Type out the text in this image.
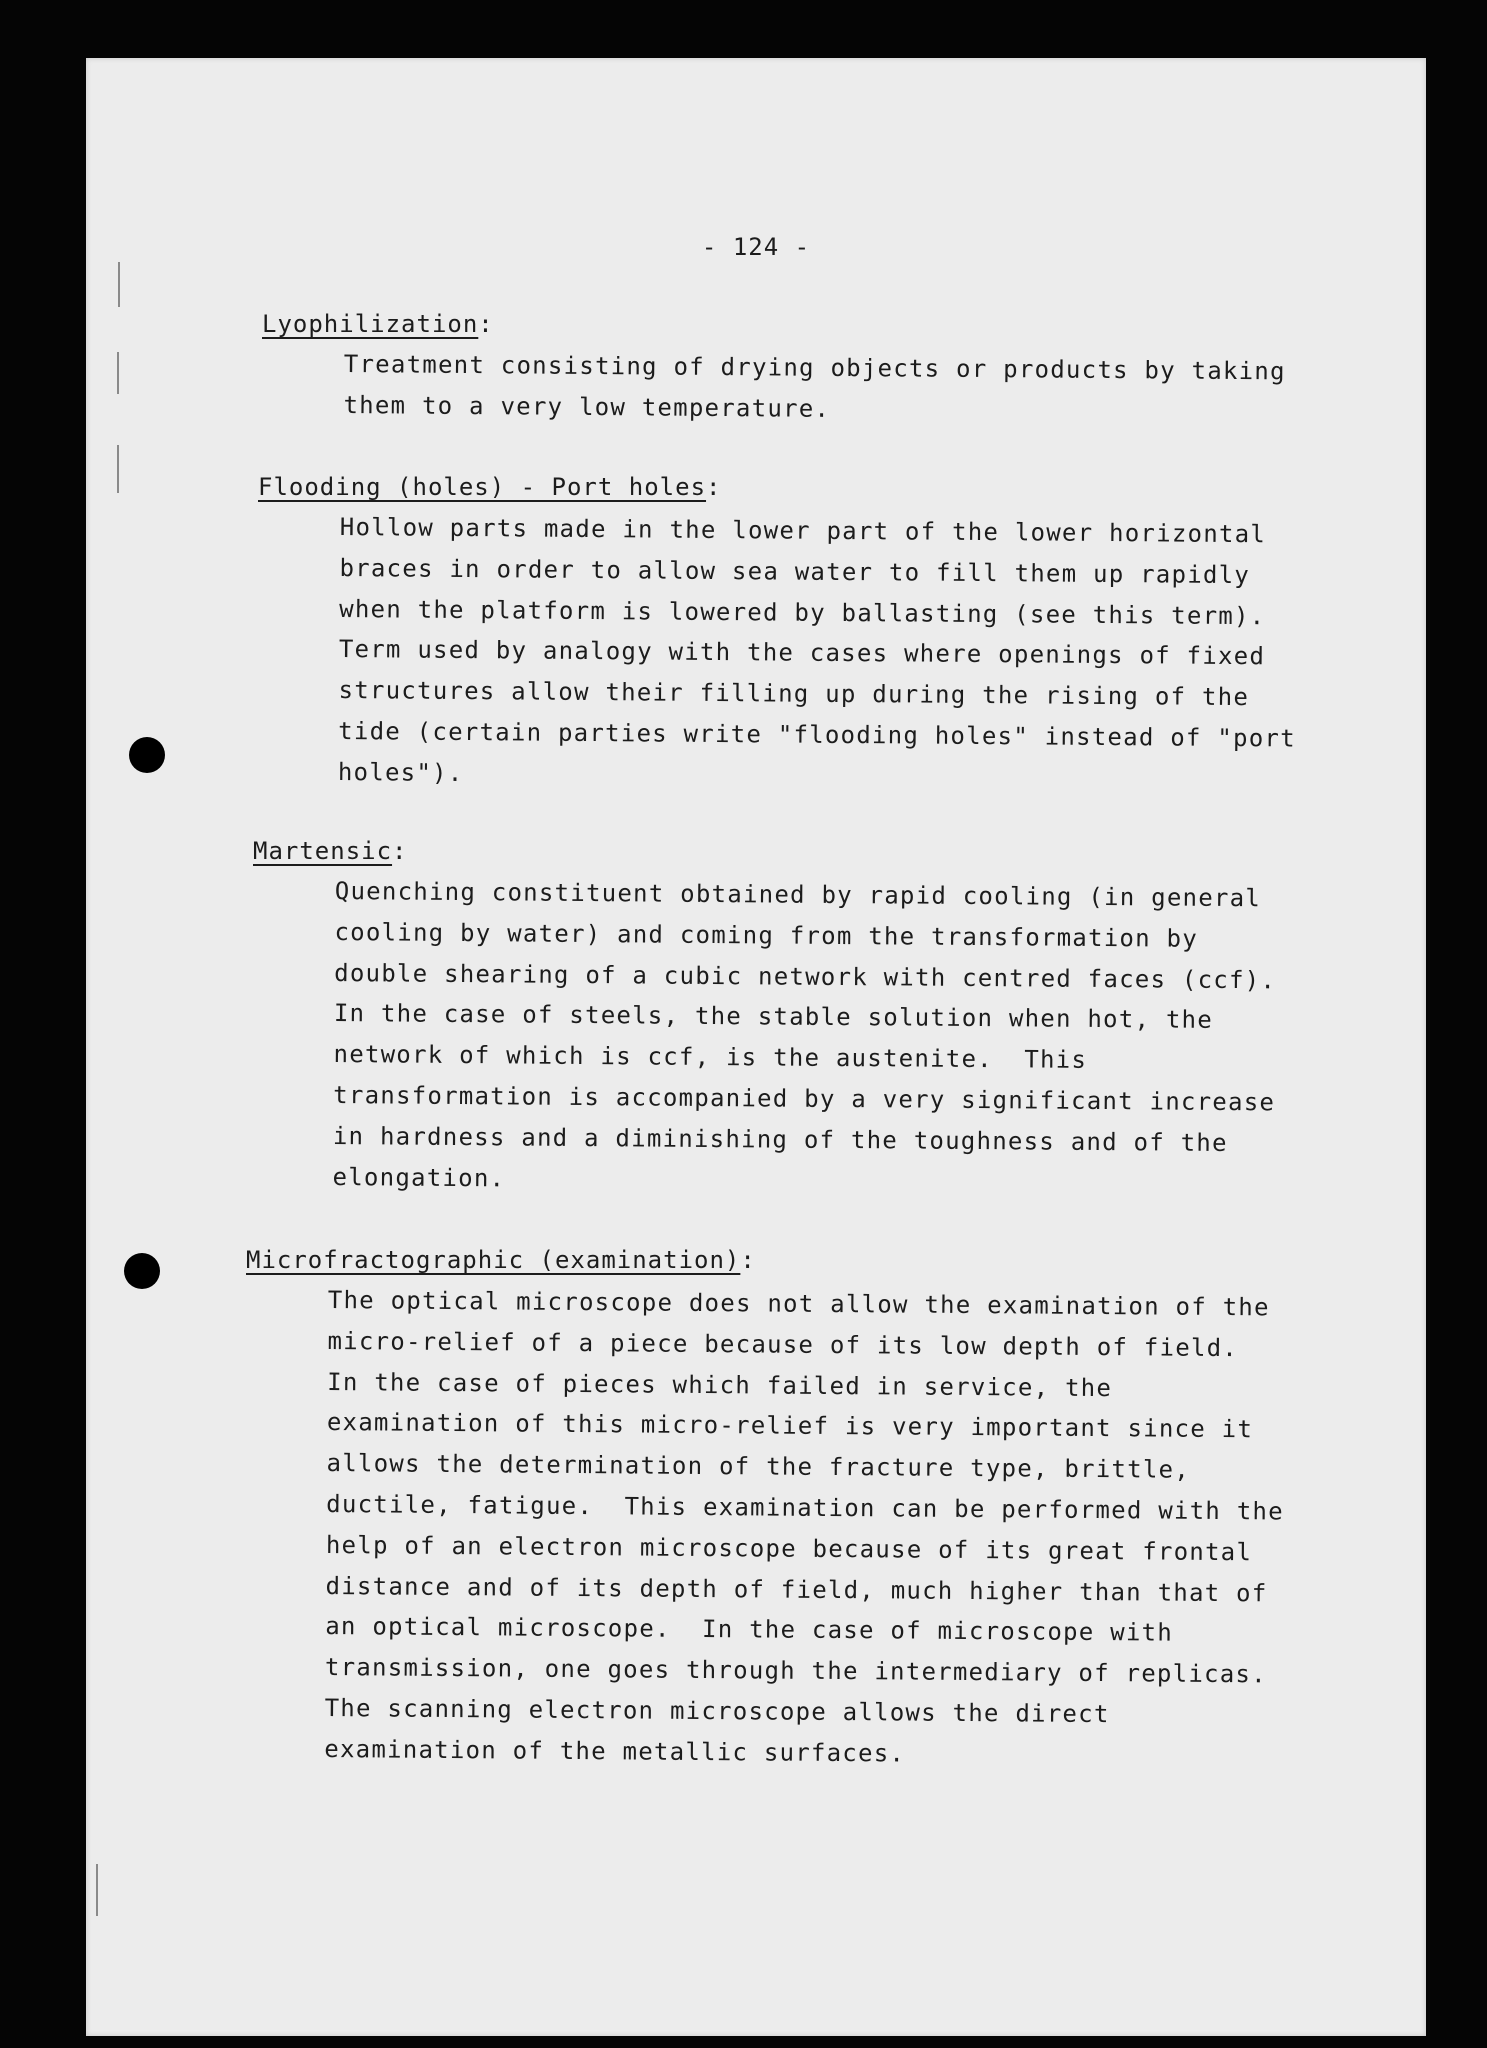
- 124 -
Lyophilization:
Treatment consisting of drying objects or products by taking
them to a very low temperature.
Flooding (holes) - Port holes:
Hollow parts made in the lower part of the lower horizontal
braces in order to allow sea water to fill them up rapidly
when the platform is lowered by ballasting (see this term).
Term used by analogy with the cases where openings of fixed
structures allow their filling up during the rising of the
tide (certain parties write "flooding holes" instead of "port
holes").
Martensic:
Quenching constituent obtained by rapid cooling (in general
cooling by water) and coming from the transformation by
double shearing of a cubic network with centred faces (ccf).
In the case of steels, the stable solution when hot, the
network of which is ccf, is the austenite.  This
transformation is accompanied by a very significant increase
in hardness and a diminishing of the toughness and of the
elongation.
Microfractographic (examination):
The optical microscope does not allow the examination of the
micro-relief of a piece because of its low depth of field.
In the case of pieces which failed in service, the
examination of this micro-relief is very important since it
allows the determination of the fracture type, brittle,
ductile, fatigue.  This examination can be performed with the
help of an electron microscope because of its great frontal
distance and of its depth of field, much higher than that of
an optical microscope.  In the case of microscope with
transmission, one goes through the intermediary of replicas.
The scanning electron microscope allows the direct
examination of the metallic surfaces.
